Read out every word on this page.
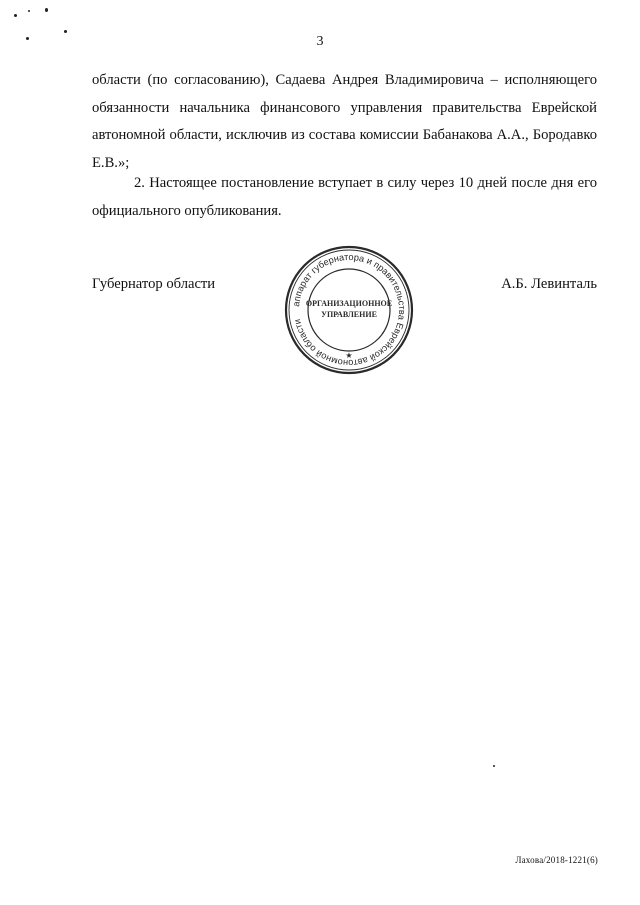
3
области (по согласованию), Садаева Андрея Владимировича – исполняющего обязанности начальника финансового управления правительства Еврейской автономной области, исключив из состава комиссии Бабанакова А.А., Бородавко Е.В.»;
2. Настоящее постановление вступает в силу через 10 дней после дня его официального опубликования.
Губернатор области	А.Б. Левинталь
аппарат губернатора и правительства Еврейской автономной области
ОРГАНИЗАЦИОННОЕ
УПРАВЛЕНИЕ
★
Лахова/2018-1221(6)
